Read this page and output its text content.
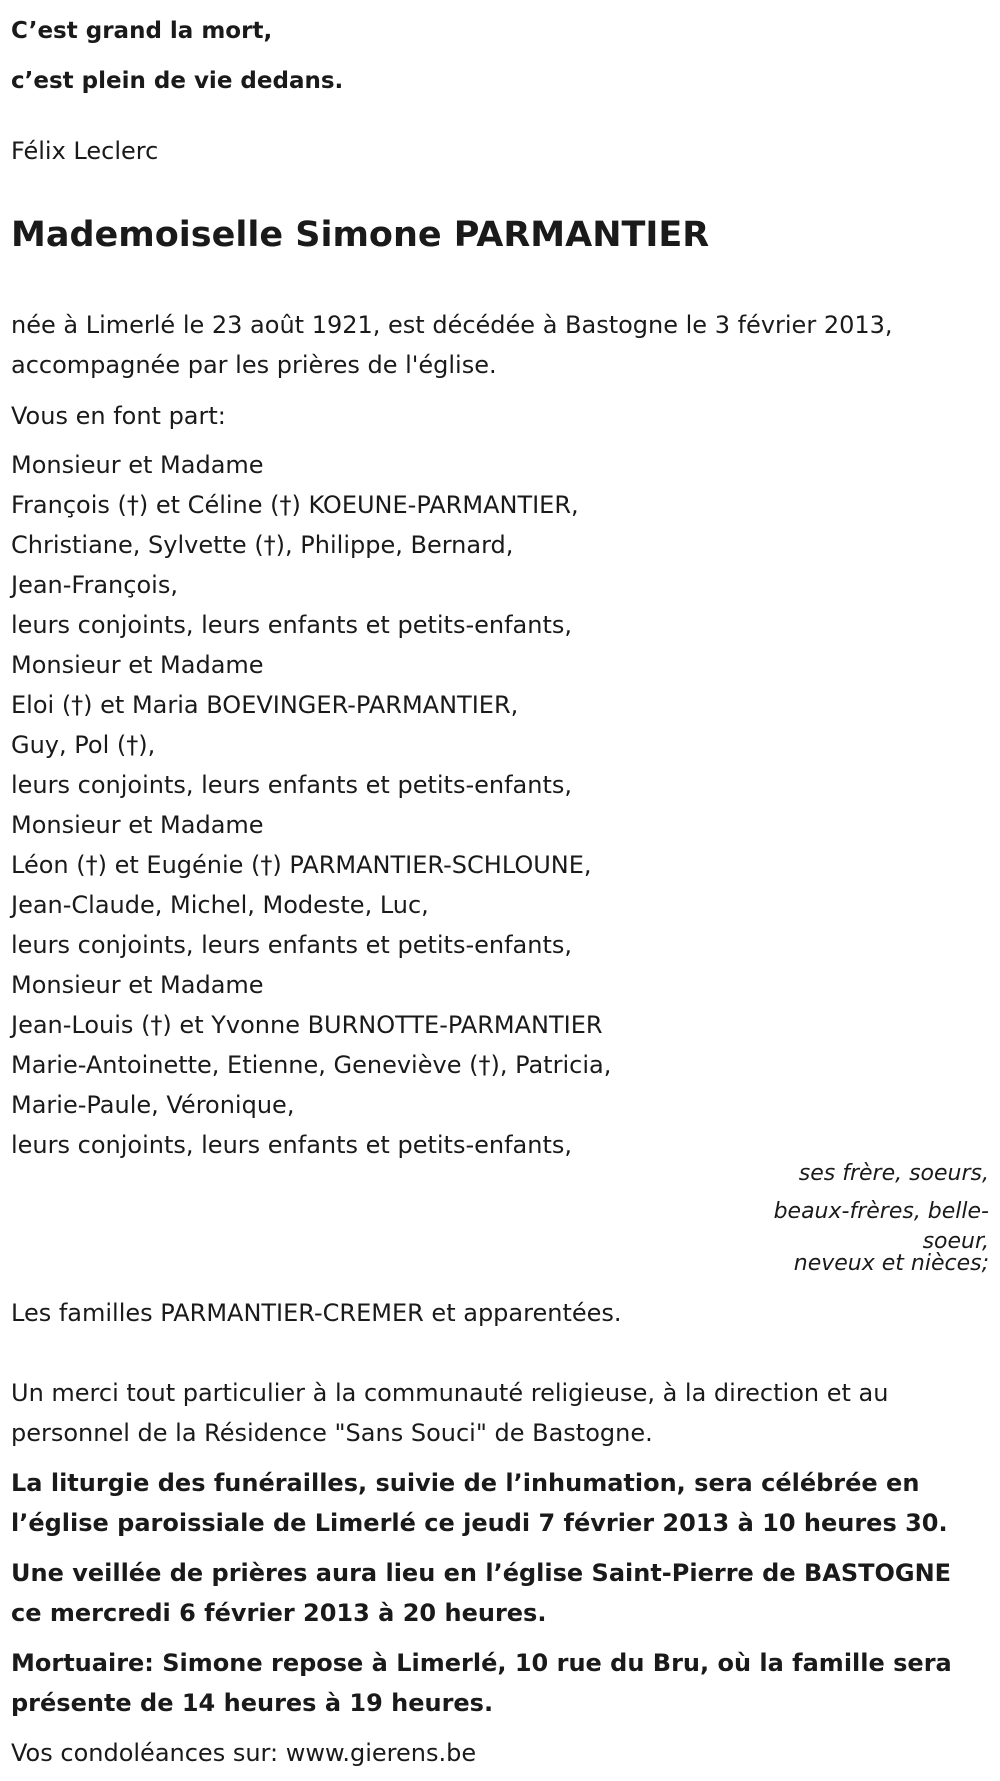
C’est grand la mort,
c’est plein de vie dedans.

Félix Leclerc

Mademoiselle Simone PARMANTIER

née à Limerlé le 23 août 1921, est décédée à Bastogne le 3 février 2013, accompagnée par les prières de l'église.

Vous en font part:

Monsieur et Madame
François (†) et Céline (†) KOEUNE-PARMANTIER,
Christiane, Sylvette (†), Philippe, Bernard,
Jean-François,
leurs conjoints, leurs enfants et petits-enfants,
Monsieur et Madame
Eloi (†) et Maria BOEVINGER-PARMANTIER,
Guy, Pol (†),
leurs conjoints, leurs enfants et petits-enfants,
Monsieur et Madame
Léon (†) et Eugénie (†) PARMANTIER-SCHLOUNE,
Jean-Claude, Michel, Modeste, Luc,
leurs conjoints, leurs enfants et petits-enfants,
Monsieur et Madame
Jean-Louis (†) et Yvonne BURNOTTE-PARMANTIER
Marie-Antoinette, Etienne, Geneviève (†), Patricia,
Marie-Paule, Véronique,
leurs conjoints, leurs enfants et petits-enfants,

ses frère, soeurs,
beaux-frères, belle-
soeur,
neveux et nièces;

Les familles PARMANTIER-CREMER et apparentées.

Un merci tout particulier à la communauté religieuse, à la direction et au personnel de la Résidence "Sans Souci" de Bastogne.

La liturgie des funérailles, suivie de l’inhumation, sera célébrée en l’église paroissiale de Limerlé ce jeudi 7 février 2013 à 10 heures 30.

Une veillée de prières aura lieu en l’église Saint-Pierre de BASTOGNE ce mercredi 6 février 2013 à 20 heures.

Mortuaire: Simone repose à Limerlé, 10 rue du Bru, où la famille sera présente de 14 heures à 19 heures.

Vos condoléances sur: www.gierens.be
